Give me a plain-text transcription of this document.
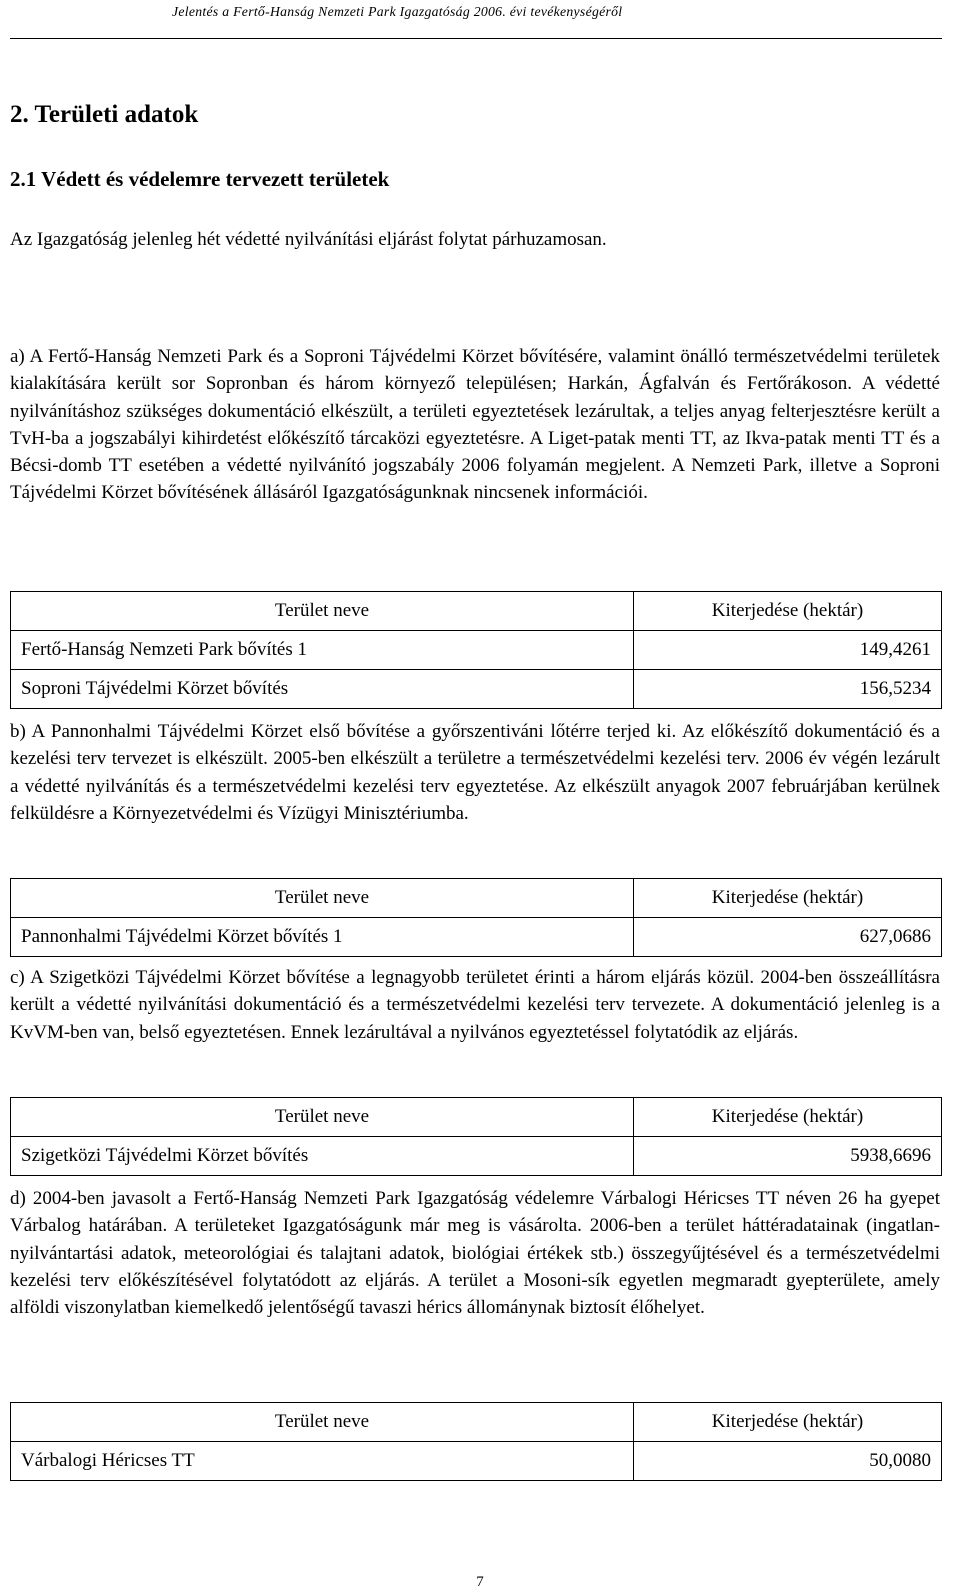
Jelentés a Fertő-Hanság Nemzeti Park Igazgatóság 2006. évi tevékenységéről
2. Területi adatok
2.1 Védett és védelemre tervezett területek
Az Igazgatóság jelenleg hét védetté nyilvánítási eljárást folytat párhuzamosan.
a) A Fertő-Hanság Nemzeti Park és a Soproni Tájvédelmi Körzet bővítésére, valamint önálló természetvédelmi területek kialakítására került sor Sopronban és három környező településen; Harkán, Ágfalván és Fertőrákoson. A védetté nyilvánításhoz szükséges dokumentáció elkészült, a területi egyeztetések lezárultak, a teljes anyag felterjesztésre került a TvH-ba a jogszabályi kihirdetést előkészítő tárcaközi egyeztetésre. A Liget-patak menti TT, az Ikva-patak menti TT és a Bécsi-domb TT esetében a védetté nyilvánító jogszabály 2006 folyamán megjelent. A Nemzeti Park, illetve a Soproni Tájvédelmi Körzet bővítésének állásáról Igazgatóságunknak nincsenek információi.
Terület neve	Kiterjedése (hektár)
Fertő-Hanság Nemzeti Park bővítés 1	149,4261
Soproni Tájvédelmi Körzet bővítés	156,5234
b) A Pannonhalmi Tájvédelmi Körzet első bővítése a győrszentiváni lőtérre terjed ki. Az előkészítő dokumentáció és a kezelési terv tervezet is elkészült. 2005-ben elkészült a területre a természetvédelmi kezelési terv. 2006 év végén lezárult a védetté nyilvánítás és a természetvédelmi kezelési terv egyeztetése. Az elkészült anyagok 2007 februárjában kerülnek felküldésre a Környezetvédelmi és Vízügyi Minisztériumba.
Terület neve	Kiterjedése (hektár)
Pannonhalmi Tájvédelmi Körzet bővítés 1	627,0686
c) A Szigetközi Tájvédelmi Körzet bővítése a legnagyobb területet érinti a három eljárás közül. 2004-ben összeállításra került a védetté nyilvánítási dokumentáció és a természetvédelmi kezelési terv tervezete. A dokumentáció jelenleg is a KvVM-ben van, belső egyeztetésen. Ennek lezárultával a nyilvános egyeztetéssel folytatódik az eljárás.
Terület neve	Kiterjedése (hektár)
Szigetközi Tájvédelmi Körzet bővítés	5938,6696
d) 2004-ben javasolt a Fertő-Hanság Nemzeti Park Igazgatóság védelemre Várbalogi Héricses TT néven 26 ha gyepet Várbalog határában. A területeket Igazgatóságunk már meg is vásárolta. 2006-ben a terület háttéradatainak (ingatlan-nyilvántartási adatok, meteorológiai és talajtani adatok, biológiai értékek stb.) összegyűjtésével és a természetvédelmi kezelési terv előkészítésével folytatódott az eljárás. A terület a Mosoni-sík egyetlen megmaradt gyepterülete, amely alföldi viszonylatban kiemelkedő jelentőségű tavaszi hérics állománynak biztosít élőhelyet.
Terület neve	Kiterjedése (hektár)
Várbalogi Héricses TT	50,0080
7
